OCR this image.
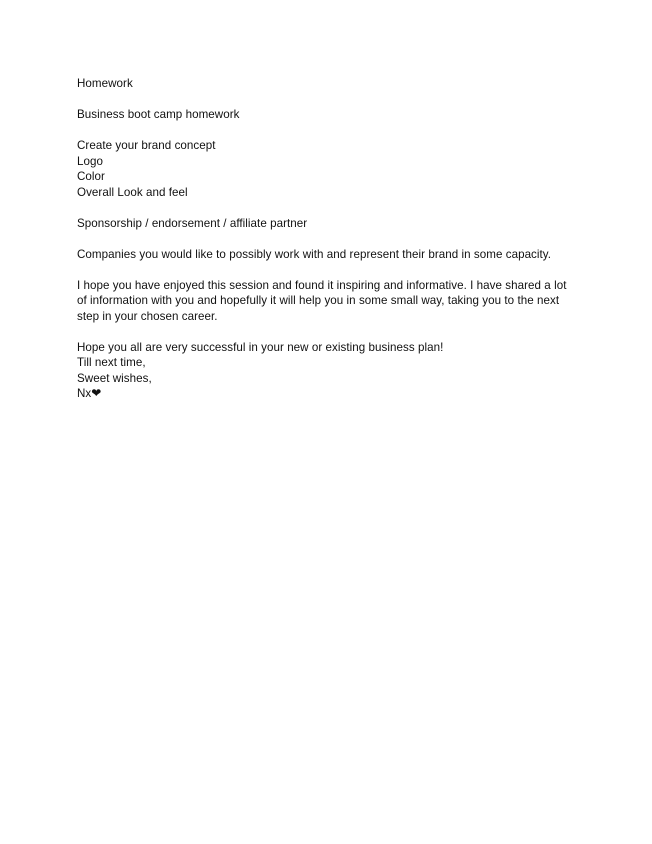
Homework
Business boot camp homework
Create your brand concept
Logo
Color
Overall Look and feel
Sponsorship / endorsement / affiliate partner
Companies you would like to possibly work with and represent their brand in some capacity.
I hope you have enjoyed this session and found it inspiring and informative. I have shared a lot
of information with you and hopefully it will help you in some small way, taking you to the next
step in your chosen career.
Hope you all are very successful in your new or existing business plan!
Till next time,
Sweet wishes,
Nx❤
